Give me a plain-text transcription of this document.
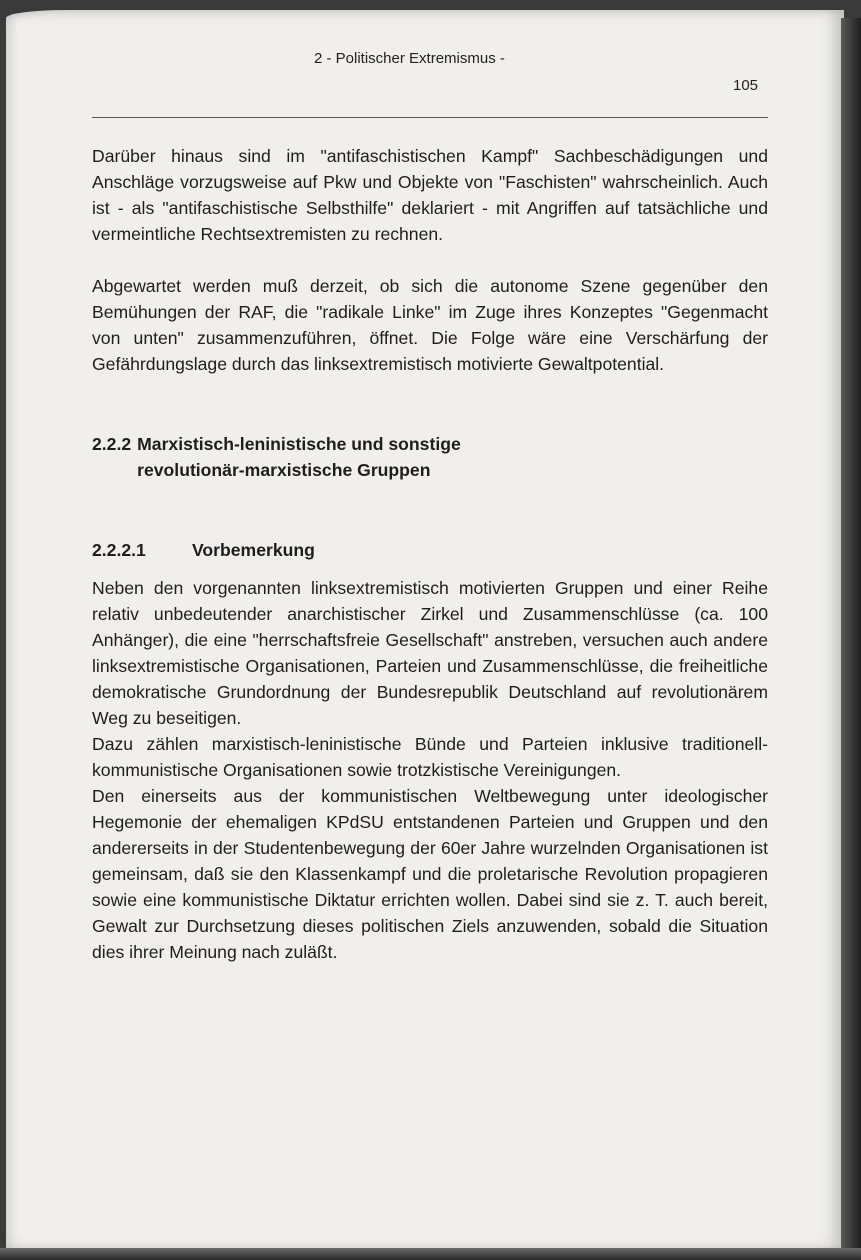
2 - Politischer Extremismus -
105

Darüber hinaus sind im "antifaschistischen Kampf" Sachbeschädigungen und Anschläge vorzugsweise auf Pkw und Objekte von "Faschisten" wahrscheinlich. Auch ist - als "antifaschistische Selbsthilfe" deklariert - mit Angriffen auf tatsächliche und vermeintliche Rechtsextremisten zu rechnen.

Abgewartet werden muß derzeit, ob sich die autonome Szene gegenüber den Bemühungen der RAF, die "radikale Linke" im Zuge ihres Konzeptes "Gegenmacht von unten" zusammenzuführen, öffnet. Die Folge wäre eine Verschärfung der Gefährdungslage durch das linksextremistisch motivierte Gewaltpotential.

2.2.2 Marxistisch-leninistische und sonstige
revolutionär-marxistische Gruppen
2.2.2.1	Vorbemerkung

Neben den vorgenannten linksextremistisch motivierten Gruppen und einer Reihe relativ unbedeutender anarchistischer Zirkel und Zusammenschlüsse (ca. 100 Anhänger), die eine "herrschaftsfreie Gesellschaft" anstreben, versuchen auch andere linksextremistische Organisationen, Parteien und Zusammenschlüsse, die freiheitliche demokratische Grundordnung der Bundesrepublik Deutschland auf revolutionärem Weg zu beseitigen.

Dazu zählen marxistisch-leninistische Bünde und Parteien inklusive traditionell-kommunistische Organisationen sowie trotzkistische Vereinigungen.

Den einerseits aus der kommunistischen Weltbewegung unter ideologischer Hegemonie der ehemaligen KPdSU entstandenen Parteien und Gruppen und den andererseits in der Studentenbewegung der 60er Jahre wurzelnden Organisationen ist gemeinsam, daß sie den Klassenkampf und die proletarische Revolution propagieren sowie eine kommunistische Diktatur errichten wollen. Dabei sind sie z. T. auch bereit, Gewalt zur Durchsetzung dieses politischen Ziels anzuwenden, sobald die Situation dies ihrer Meinung nach zuläßt.
